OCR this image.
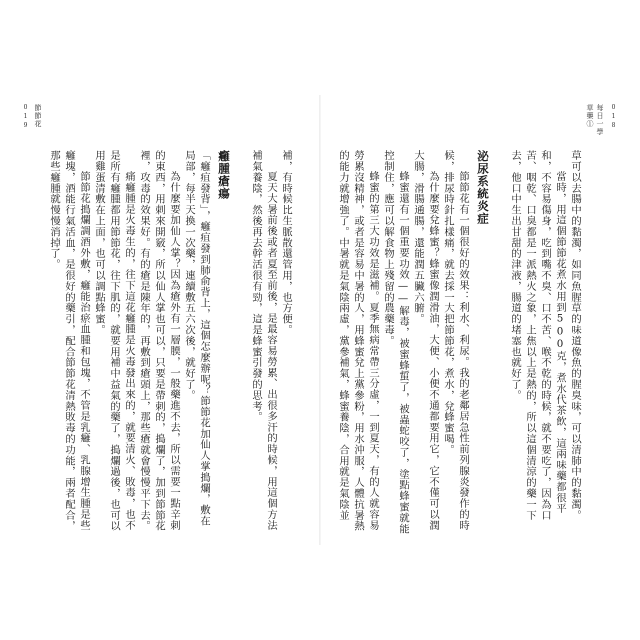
每日一學
草藥①	018

草可以去腸中的黏濁，如同魚腥草的味道像魚的腥臭味，可以清肺中的黏濁。

當時，用這個節節花煮水用到500克，煮水代茶飲，這兩味藥都很平和，不容易傷身，吃到嘴不臭、口不苦、喉不乾的時候，就不要吃了，因為口苦、咽乾、口臭都是一派熱火之象，上焦以上是熱的，所以這個清涼的藥一下去，他口中生出甘甜的津液，腸道的堵塞也就好了。

泌尿系統炎症

節節花有一個很好的效果：利水、利尿。我的老鄰居急性前列腺炎發作的時候，排尿時針扎樣痛，就去採一大把節節花，煮水，兌蜂蜜喝。

為什麼要兌蜂蜜？蜂蜜像潤滑油，大便、小便不通都要用它，它不僅可以潤大腸，滑腸通腸，還能潤五臟六腑。

蜂蜜還有一個重要功效——解毒，被蜜蜂蜇了，被蟲蛇咬了，塗點蜂蜜就能控制住，應可以解食物上殘留的農藥毒。

蜂蜜的第三大功效是滋補。夏季無病常帶三分虛，一到夏天，有的人就容易勞累沒精神，或者是容易中暑的人，用蜂蜜兌上黨參粉，用水沖服，人體抗暑熱的能力就增強了。中暑就是氣陰兩虛，黨參補氣，蜂蜜養陰，合用就是氣陰並

節節花
019

補，有時候比生脈散還管用，也方便。

夏天大暑前後或者夏至前後，是最容易勞累、出很多汗的時候，用這個方法補氣養陰，然後再去幹活很有勁，這是蜂蜜引發的思考。

癰腫瘡瘍

「癰疽發背」，癰疽發到肺俞背上，這個怎麼辦呢？節節花加仙人掌搗爛，敷在局部，每半天換一次藥，連續敷五六次後，就好了。

為什麼要加仙人掌？因為瘡外有一層膜，一般藥進不去，所以需要一點辛刺的東西，用刺來開竅，所以仙人掌也可以，只要是帶刺的，搗爛了，加到節節花裡，攻毒的效果好。有的瘡是陳年的，再敷到瘡頭上，那些瘡就會慢慢平下去。

痛癰腫是火毒生的，往下這花癰腫是火毒發出來的，就要清火、敗毒，也不是所有癰腫都用節節花，往下肌的，就要用補中益氣的藥了，搗爛過後，也可以用雞蛋清敷在上面，也可以調點蜂蜜。

節節花搗爛調酒外敷，癰能治瘀血腫和包塊，不管是乳癰、乳腺增生腫是些癰塊，酒能行氣活血，是很好的藥引，配合節節花清熱敗毒的功能，兩者配合，那些癰腫就慢慢消掉了。
